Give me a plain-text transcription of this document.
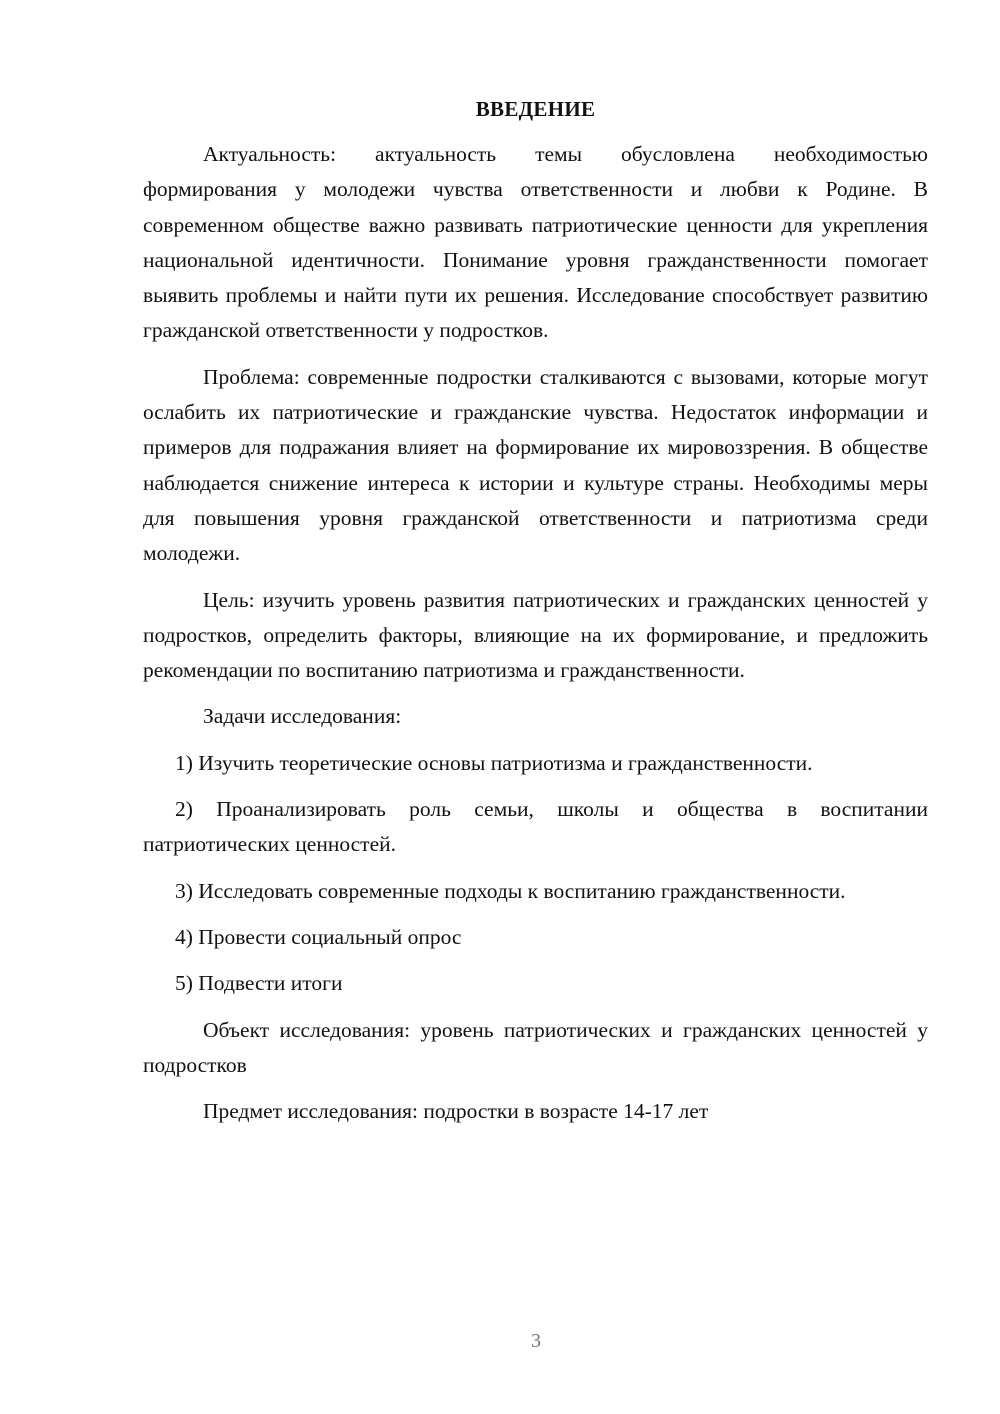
ВВЕДЕНИЕ

Актуальность: актуальность темы обусловлена необходимостью формирования у молодежи чувства ответственности и любви к Родине. В современном обществе важно развивать патриотические ценности для укрепления национальной идентичности. Понимание уровня гражданственности помогает выявить проблемы и найти пути их решения. Исследование способствует развитию гражданской ответственности у подростков.

Проблема: современные подростки сталкиваются с вызовами, которые могут ослабить их патриотические и гражданские чувства. Недостаток информации и примеров для подражания влияет на формирование их мировоззрения. В обществе наблюдается снижение интереса к истории и культуре страны. Необходимы меры для повышения уровня гражданской ответственности и патриотизма среди молодежи.

Цель: изучить уровень развития патриотических и гражданских ценностей у подростков, определить факторы, влияющие на их формирование, и предложить рекомендации по воспитанию патриотизма и гражданственности.

Задачи исследования:

1) Изучить теоретические основы патриотизма и гражданственности.

2) Проанализировать роль семьи, школы и общества в воспитании патриотических ценностей.

3) Исследовать современные подходы к воспитанию гражданственности.

4) Провести социальный опрос

5) Подвести итоги

Объект исследования: уровень патриотических и гражданских ценностей у подростков

Предмет исследования: подростки в возрасте 14-17 лет

3
